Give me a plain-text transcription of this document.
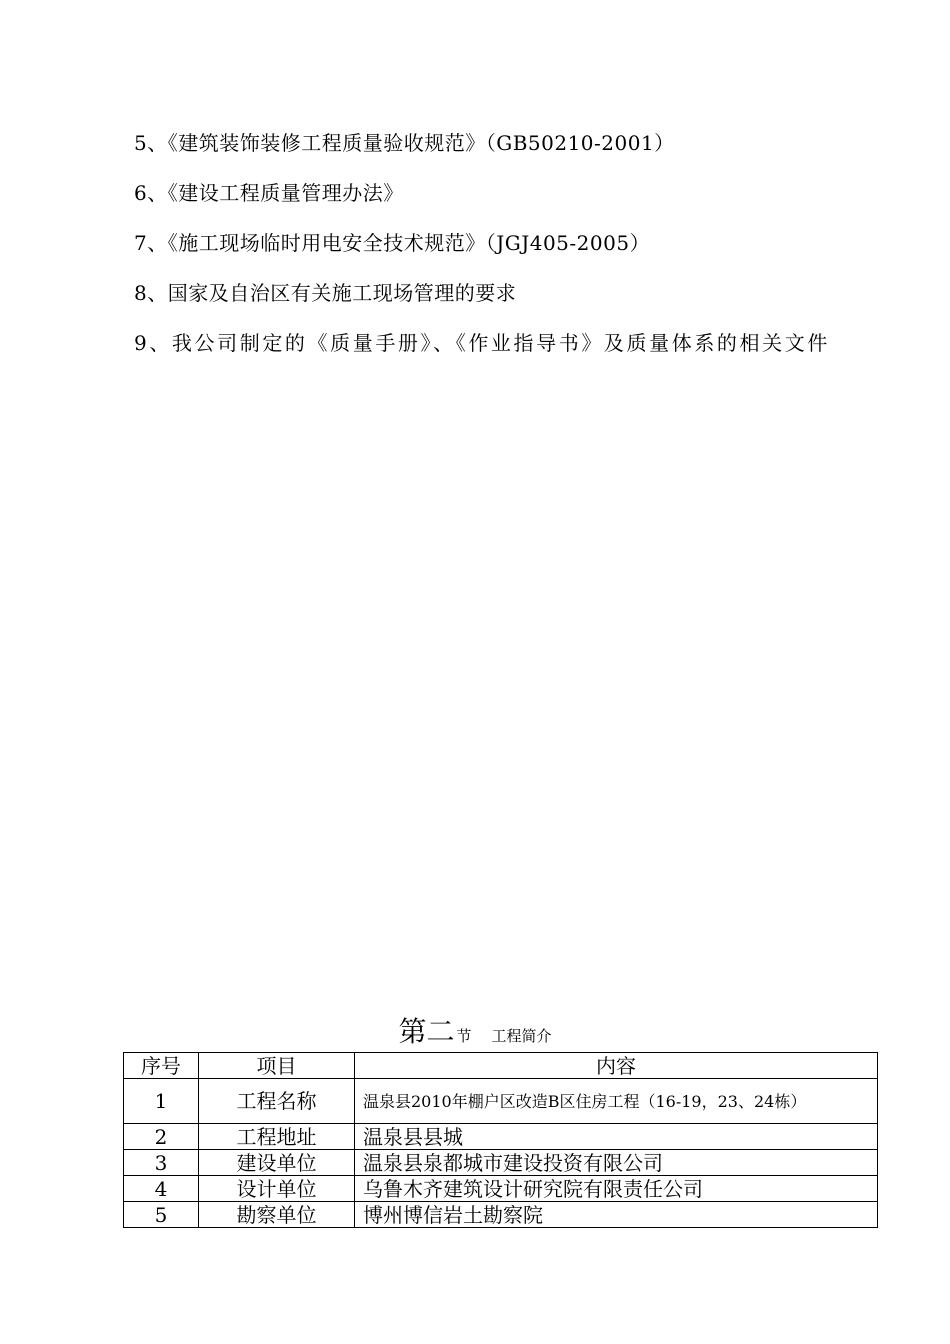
5、《建筑装饰装修工程质量验收规范》（GB50210-2001）
6、《建设工程质量管理办法》
7、《施工现场临时用电安全技术规范》（JGJ405-2005）
8、国家及自治区有关施工现场管理的要求
9、我公司制定的《质量手册》、《作业指导书》及质量体系的相关文件
第二 节 工程简介
序号	项目	内容
1	工程名称	温泉县2010年棚户区改造B区住房工程（16-19，23、24栋）
2	工程地址	温泉县县城
3	建设单位	温泉县泉都城市建设投资有限公司
4	设计单位	乌鲁木齐建筑设计研究院有限责任公司
5	勘察单位	博州博信岩土勘察院
